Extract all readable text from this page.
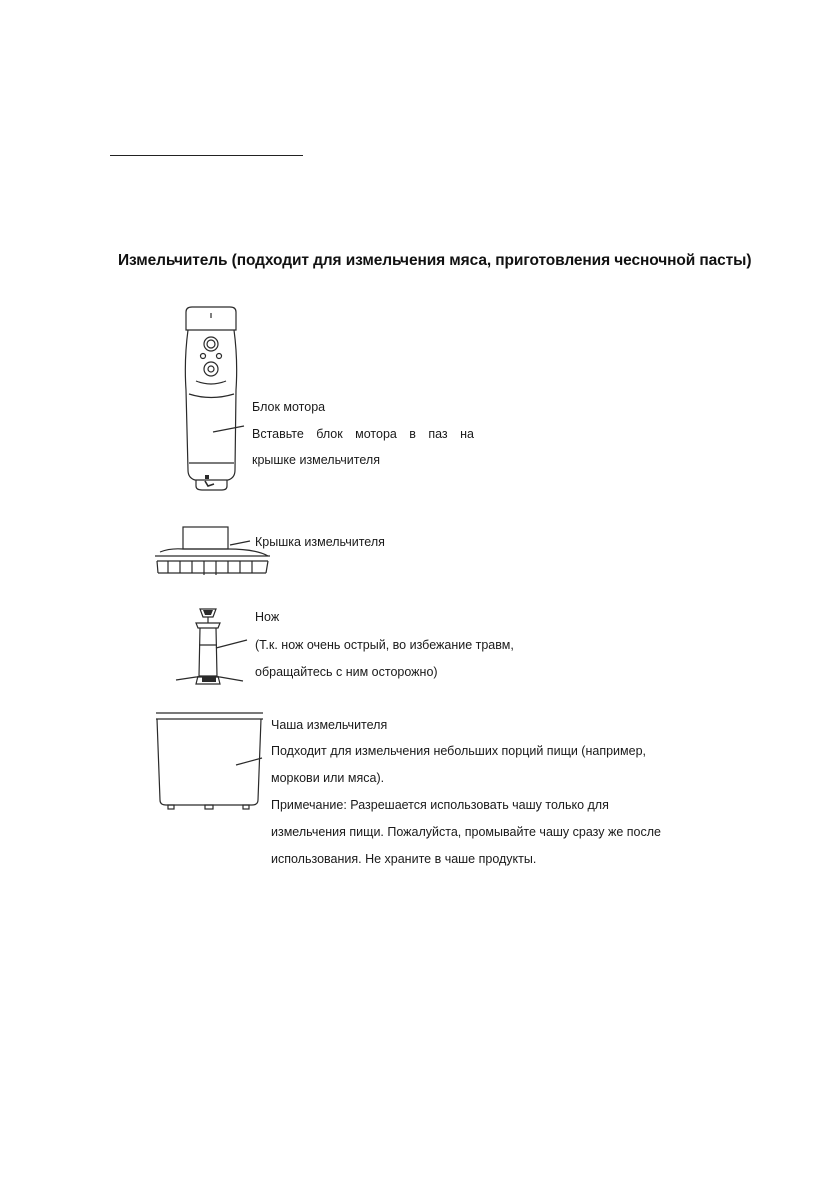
Измельчитель (подходит для измельчения мяса, приготовления чесночной пасты)
Блок мотора
Вставьте блок мотора в паз на
крышке измельчителя
Крышка измельчителя
Нож
(Т.к. нож очень острый, во избежание травм,
обращайтесь с ним осторожно)
Чаша измельчителя
Подходит для измельчения небольших порций пищи (например,
моркови или мяса).
Примечание: Разрешается использовать чашу только для
измельчения пищи. Пожалуйста, промывайте чашу сразу же после
использования. Не храните в чаше продукты.
